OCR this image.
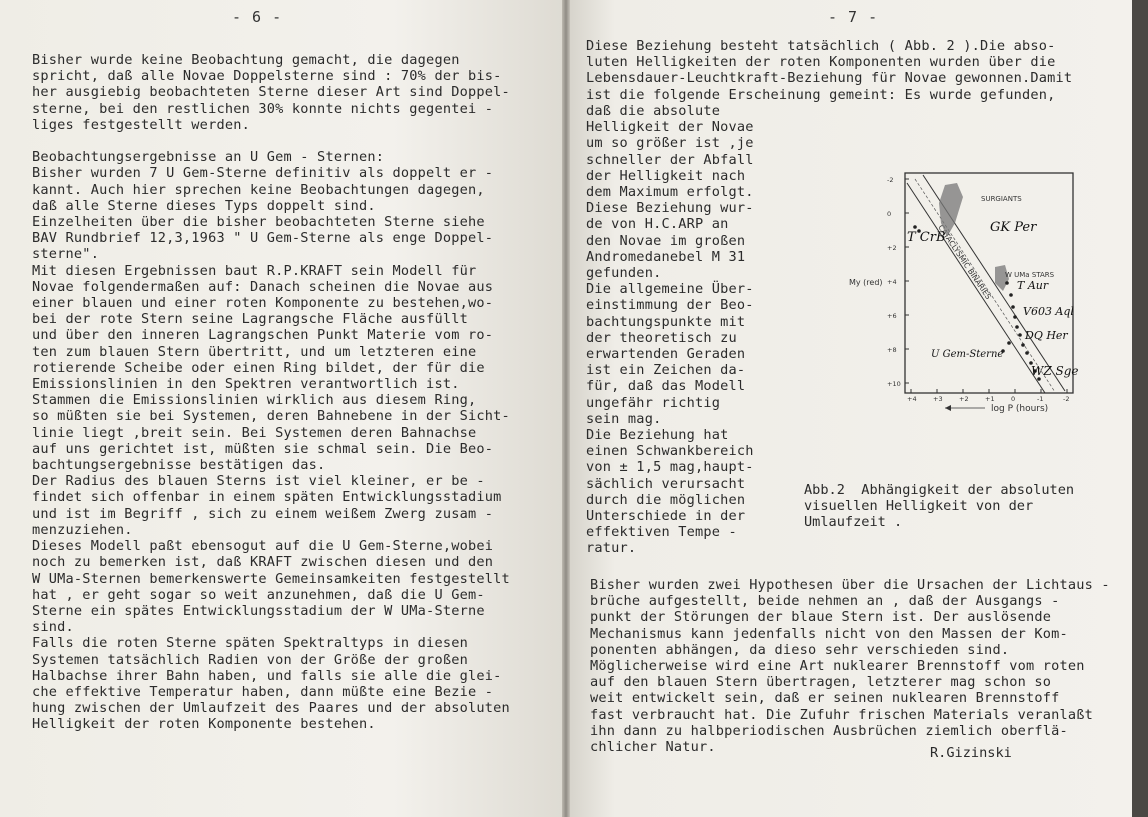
- 6 -
Bisher wurde keine Beobachtung gemacht, die dagegen
spricht, daß alle Novae Doppelsterne sind : 70% der bis-
her ausgiebig beobachteten Sterne dieser Art sind Doppel-
sterne, bei den restlichen 30% konnte nichts gegentei -
liges festgestellt werden.

Beobachtungsergebnisse an U Gem - Sternen:
Bisher wurden 7 U Gem-Sterne definitiv als doppelt er -
kannt. Auch hier sprechen keine Beobachtungen dagegen,
daß alle Sterne dieses Typs doppelt sind.
Einzelheiten über die bisher beobachteten Sterne siehe
BAV Rundbrief 12,3,1963 " U Gem-Sterne als enge Doppel-
sterne".
Mit diesen Ergebnissen baut R.P.KRAFT sein Modell für
Novae folgendermaßen auf: Danach scheinen die Novae aus
einer blauen und einer roten Komponente zu bestehen,wo-
bei der rote Stern seine Lagrangsche Fläche ausfüllt
und über den inneren Lagrangschen Punkt Materie vom ro-
ten zum blauen Stern übertritt, und um letzteren eine
rotierende Scheibe oder einen Ring bildet, der für die
Emissionslinien in den Spektren verantwortlich ist.
Stammen die Emissionslinien wirklich aus diesem Ring,
so müßten sie bei Systemen, deren Bahnebene in der Sicht-
linie liegt ,breit sein. Bei Systemen deren Bahnachse
auf uns gerichtet ist, müßten sie schmal sein. Die Beo-
bachtungsergebnisse bestätigen das.
Der Radius des blauen Sterns ist viel kleiner, er be -
findet sich offenbar in einem späten Entwicklungsstadium
und ist im Begriff , sich zu einem weißem Zwerg zusam -
menzuziehen.
Dieses Modell paßt ebensogut auf die U Gem-Sterne,wobei
noch zu bemerken ist, daß KRAFT zwischen diesen und den
W UMa-Sternen bemerkenswerte Gemeinsamkeiten festgestellt
hat , er geht sogar so weit anzunehmen, daß die U Gem-
Sterne ein spätes Entwicklungsstadium der W UMa-Sterne
sind.
Falls die roten Sterne späten Spektraltyps in diesen
Systemen tatsächlich Radien von der Größe der großen
Halbachse ihrer Bahn haben, und falls sie alle die glei-
che effektive Temperatur haben, dann müßte eine Bezie -
hung zwischen der Umlaufzeit des Paares und der absoluten
Helligkeit der roten Komponente bestehen.
- 7 -
Diese Beziehung besteht tatsächlich ( Abb. 2 ).Die abso-
luten Helligkeiten der roten Komponenten wurden über die
Lebensdauer-Leuchtkraft-Beziehung für Novae gewonnen.Damit
ist die folgende Erscheinung gemeint: Es wurde gefunden,
daß die absolute
Helligkeit der Novae
um so größer ist ,je
schneller der Abfall
der Helligkeit nach
dem Maximum erfolgt.
Diese Beziehung wur-
de von H.C.ARP an
den Novae im großen
Andromedanebel M 31
gefunden.
Die allgemeine Über-
einstimmung der Beo-
bachtungspunkte mit
der theoretisch zu
erwartenden Geraden
ist ein Zeichen da-
für, daß das Modell
ungefähr richtig
sein mag.
Die Beziehung hat
einen Schwankbereich
von ± 1,5 mag,haupt-
sächlich verursacht
durch die möglichen
Unterschiede in der
effektiven Tempe -
ratur.
-2
0
+2
+4
+6
+8
+10
+4	+3	+2	+1	0	-1	-2
My (red)
log P (hours)
CATACLYSMIC BINARIES
SURGIANTS
W UMa STARS
T CrB
GK Per
T Aur
V603 Aql
DQ Her
U Gem-Sterne
WZ Sge
Abb.2  Abhängigkeit der absoluten
visuellen Helligkeit von der
Umlaufzeit .
Bisher wurden zwei Hypothesen über die Ursachen der Lichtaus -
brüche aufgestellt, beide nehmen an , daß der Ausgangs -
punkt der Störungen der blaue Stern ist. Der auslösende
Mechanismus kann jedenfalls nicht von den Massen der Kom-
ponenten abhängen, da dieso sehr verschieden sind.
Möglicherweise wird eine Art nuklearer Brennstoff vom roten
auf den blauen Stern übertragen, letzterer mag schon so
weit entwickelt sein, daß er seinen nuklearen Brennstoff
fast verbraucht hat. Die Zufuhr frischen Materials veranlaßt
ihn dann zu halbperiodischen Ausbrüchen ziemlich oberflä-
chlicher Natur.	R.Gizinski
